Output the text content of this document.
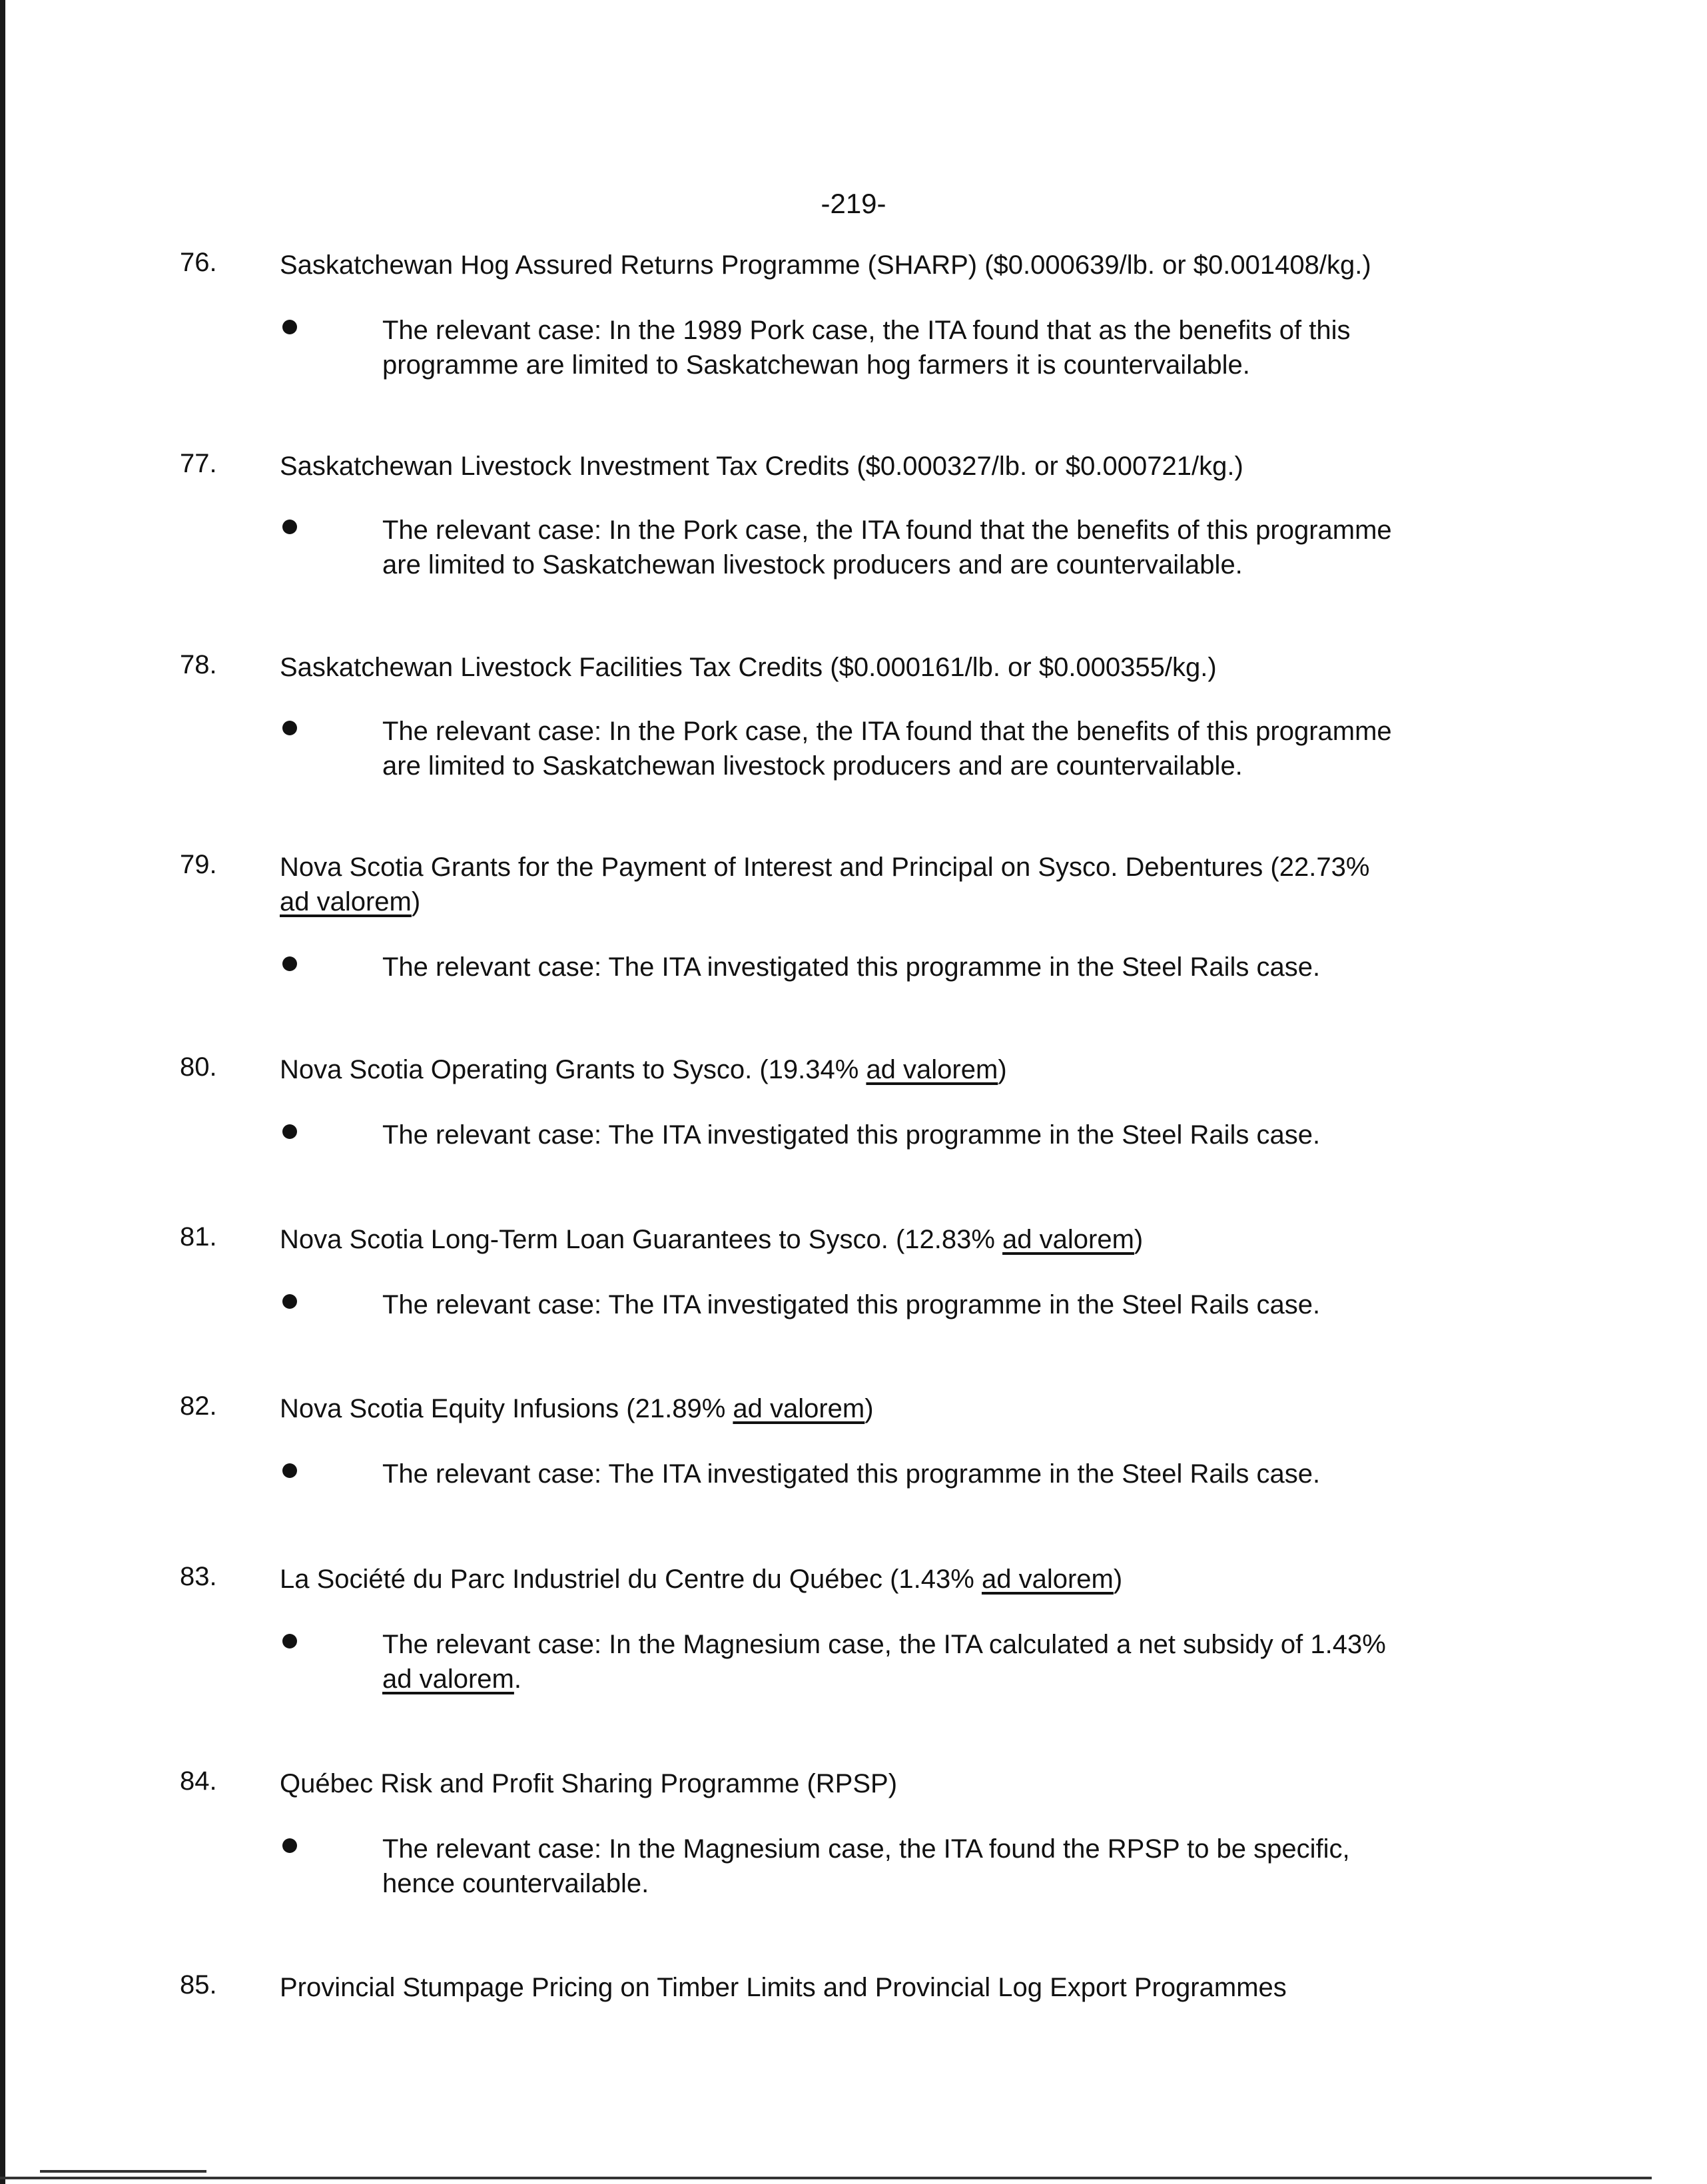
-219-
76. Saskatchewan Hog Assured Returns Programme (SHARP) ($0.000639/lb. or $0.001408/kg.)
The relevant case: In the 1989 Pork case, the ITA found that as the benefits of this
programme are limited to Saskatchewan hog farmers it is countervailable.
77. Saskatchewan Livestock Investment Tax Credits ($0.000327/lb. or $0.000721/kg.)
The relevant case: In the Pork case, the ITA found that the benefits of this programme
are limited to Saskatchewan livestock producers and are countervailable.
78. Saskatchewan Livestock Facilities Tax Credits ($0.000161/lb. or $0.000355/kg.)
The relevant case: In the Pork case, the ITA found that the benefits of this programme
are limited to Saskatchewan livestock producers and are countervailable.
79. Nova Scotia Grants for the Payment of Interest and Principal on Sysco. Debentures (22.73%
ad valorem)
The relevant case: The ITA investigated this programme in the Steel Rails case.
80. Nova Scotia Operating Grants to Sysco. (19.34% ad valorem)
The relevant case: The ITA investigated this programme in the Steel Rails case.
81. Nova Scotia Long-Term Loan Guarantees to Sysco. (12.83% ad valorem)
The relevant case: The ITA investigated this programme in the Steel Rails case.
82. Nova Scotia Equity Infusions (21.89% ad valorem)
The relevant case: The ITA investigated this programme in the Steel Rails case.
83. La Société du Parc Industriel du Centre du Québec (1.43% ad valorem)
The relevant case: In the Magnesium case, the ITA calculated a net subsidy of 1.43%
ad valorem.
84. Québec Risk and Profit Sharing Programme (RPSP)
The relevant case: In the Magnesium case, the ITA found the RPSP to be specific,
hence countervailable.
85. Provincial Stumpage Pricing on Timber Limits and Provincial Log Export Programmes
